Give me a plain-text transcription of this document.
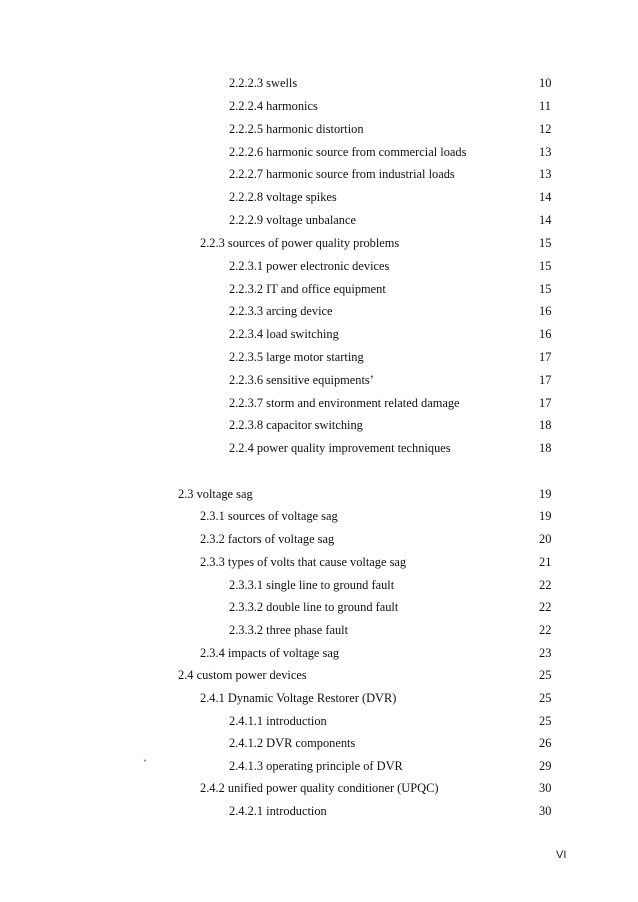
2.2.2.3 swells	10
2.2.2.4 harmonics	11
2.2.2.5 harmonic distortion	12
2.2.2.6 harmonic source from commercial loads	13
2.2.2.7 harmonic source from industrial loads	13
2.2.2.8 voltage spikes	14
2.2.2.9 voltage unbalance	14
2.2.3 sources of power quality problems	15
2.2.3.1 power electronic devices	15
2.2.3.2 IT and office equipment	15
2.2.3.3 arcing device	16
2.2.3.4 load switching	16
2.2.3.5 large motor starting	17
2.2.3.6 sensitive equipments’	17
2.2.3.7 storm and environment related damage	17
2.2.3.8 capacitor switching	18
2.2.4 power quality improvement techniques	18
2.3 voltage sag	19
2.3.1 sources of voltage sag	19
2.3.2 factors of voltage sag	20
2.3.3 types of volts that cause voltage sag	21
2.3.3.1 single line to ground fault	22
2.3.3.2 double line to ground fault	22
2.3.3.2 three phase fault	22
2.3.4 impacts of voltage sag	23
2.4 custom power devices	25
2.4.1 Dynamic Voltage Restorer (DVR)	25
2.4.1.1 introduction	25
2.4.1.2 DVR components	26
2.4.1.3 operating principle of DVR	29
2.4.2 unified power quality conditioner (UPQC)	30
2.4.2.1 introduction	30
`
VI
